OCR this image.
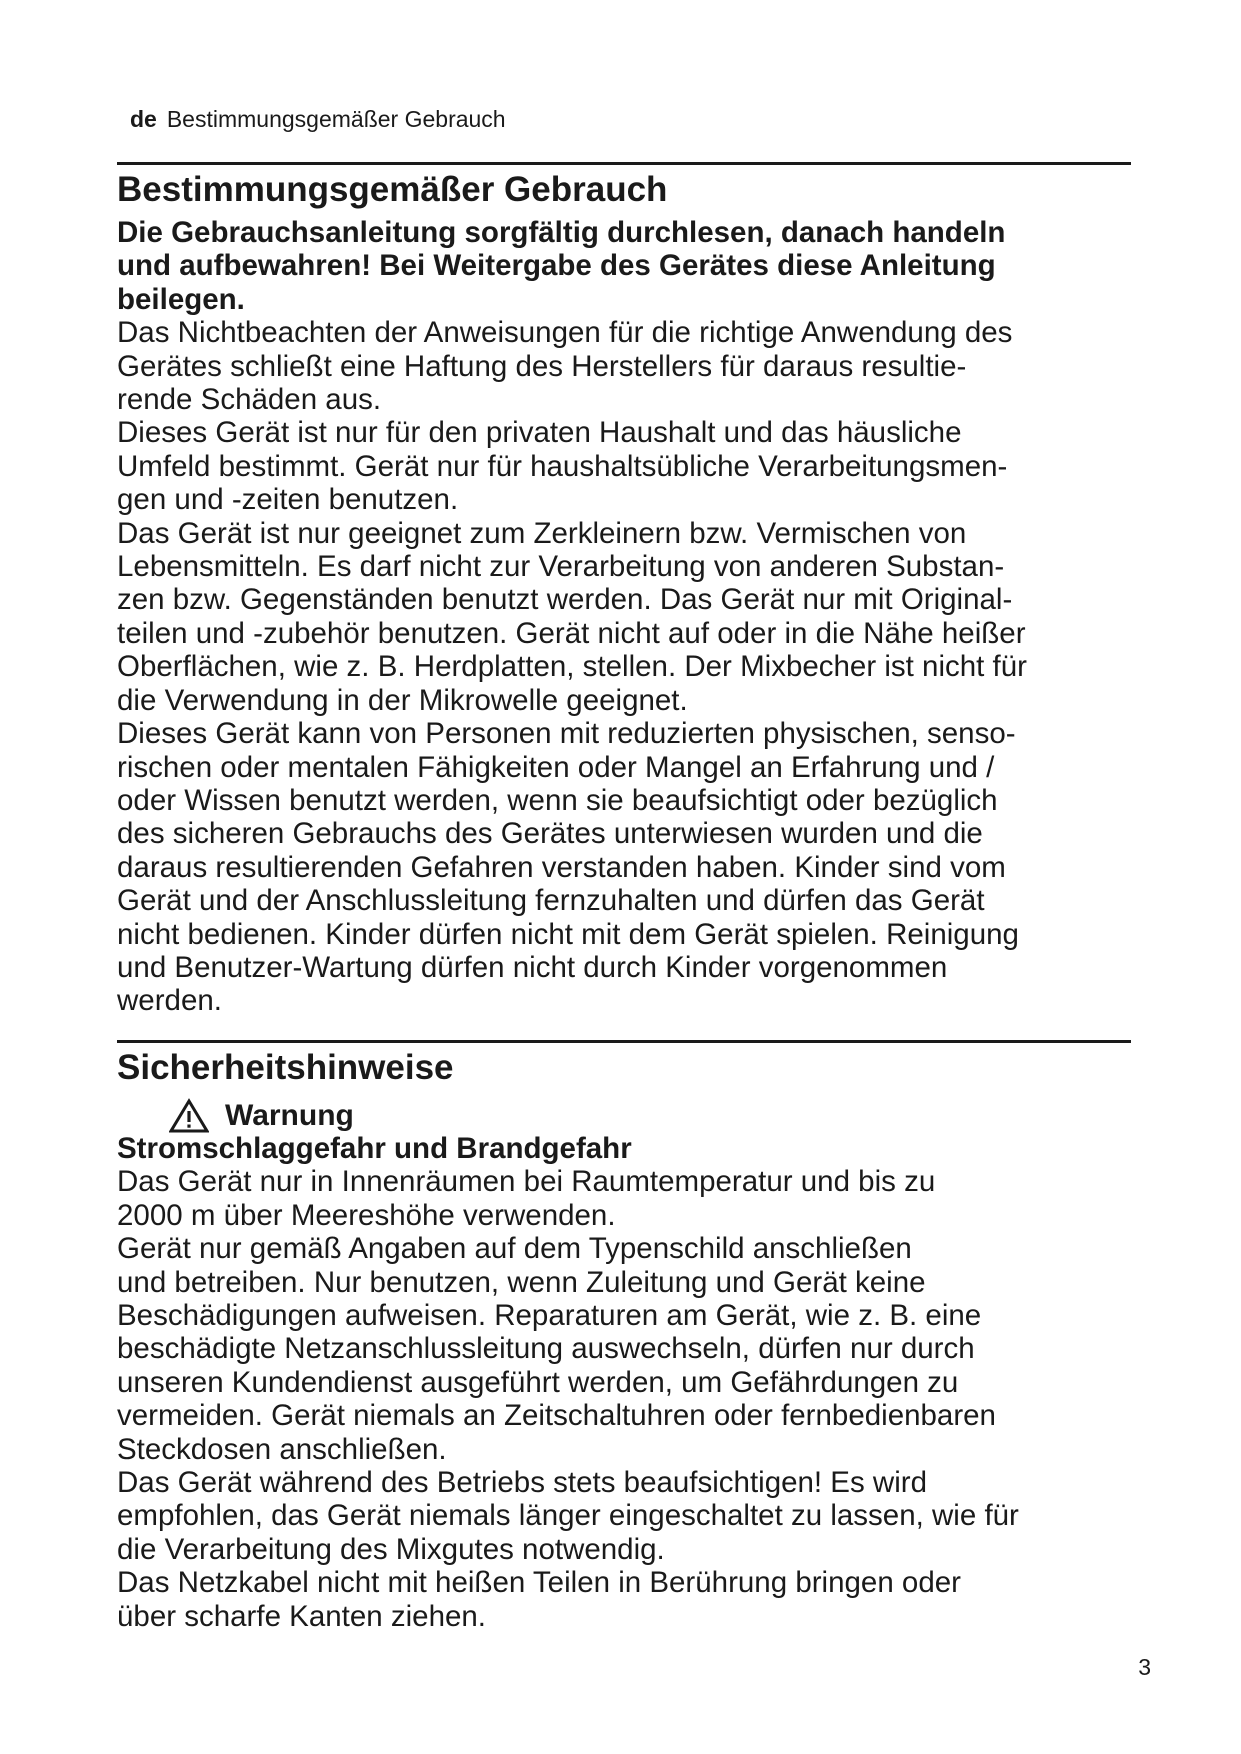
de Bestimmungsgemäßer Gebrauch
Bestimmungsgemäßer Gebrauch

Die Gebrauchsanleitung sorgfältig durchlesen, danach handeln
und aufbewahren! Bei Weitergabe des Gerätes diese Anleitung
beilegen.

Das Nichtbeachten der Anweisungen für die richtige Anwendung des
Gerätes schließt eine Haftung des Herstellers für daraus resultie-
rende Schäden aus.

Dieses Gerät ist nur für den privaten Haushalt und das häusliche
Umfeld bestimmt. Gerät nur für haushaltsübliche Verarbeitungsmen-
gen und -zeiten benutzen.

Das Gerät ist nur geeignet zum Zerkleinern bzw. Vermischen von
Lebensmitteln. Es darf nicht zur Verarbeitung von anderen Substan-
zen bzw. Gegenständen benutzt werden. Das Gerät nur mit Original-
teilen und -zubehör benutzen. Gerät nicht auf oder in die Nähe heißer
Oberflächen, wie z. B. Herdplatten, stellen. Der Mixbecher ist nicht für
die Verwendung in der Mikrowelle geeignet.

Dieses Gerät kann von Personen mit reduzierten physischen, senso-
rischen oder mentalen Fähigkeiten oder Mangel an Erfahrung und /
oder Wissen benutzt werden, wenn sie beaufsichtigt oder bezüglich
des sicheren Gebrauchs des Gerätes unterwiesen wurden und die
daraus resultierenden Gefahren verstanden haben. Kinder sind vom
Gerät und der Anschlussleitung fernzuhalten und dürfen das Gerät
nicht bedienen. Kinder dürfen nicht mit dem Gerät spielen. Reinigung
und Benutzer-Wartung dürfen nicht durch Kinder vorgenommen
werden.

Sicherheitshinweise
Warnung

Stromschlaggefahr und Brandgefahr

Das Gerät nur in Innenräumen bei Raumtemperatur und bis zu
2000 m über Meereshöhe verwenden.

Gerät nur gemäß Angaben auf dem Typenschild anschließen
und betreiben. Nur benutzen, wenn Zuleitung und Gerät keine
Beschädigungen aufweisen. Reparaturen am Gerät, wie z. B. eine
beschädigte Netzanschlussleitung auswechseln, dürfen nur durch
unseren Kundendienst ausgeführt werden, um Gefährdungen zu
vermeiden. Gerät niemals an Zeitschaltuhren oder fernbedienbaren
Steckdosen anschließen.

Das Gerät während des Betriebs stets beaufsichtigen! Es wird
empfohlen, das Gerät niemals länger eingeschaltet zu lassen, wie für
die Verarbeitung des Mixgutes notwendig.

Das Netzkabel nicht mit heißen Teilen in Berührung bringen oder
über scharfe Kanten ziehen.

3
